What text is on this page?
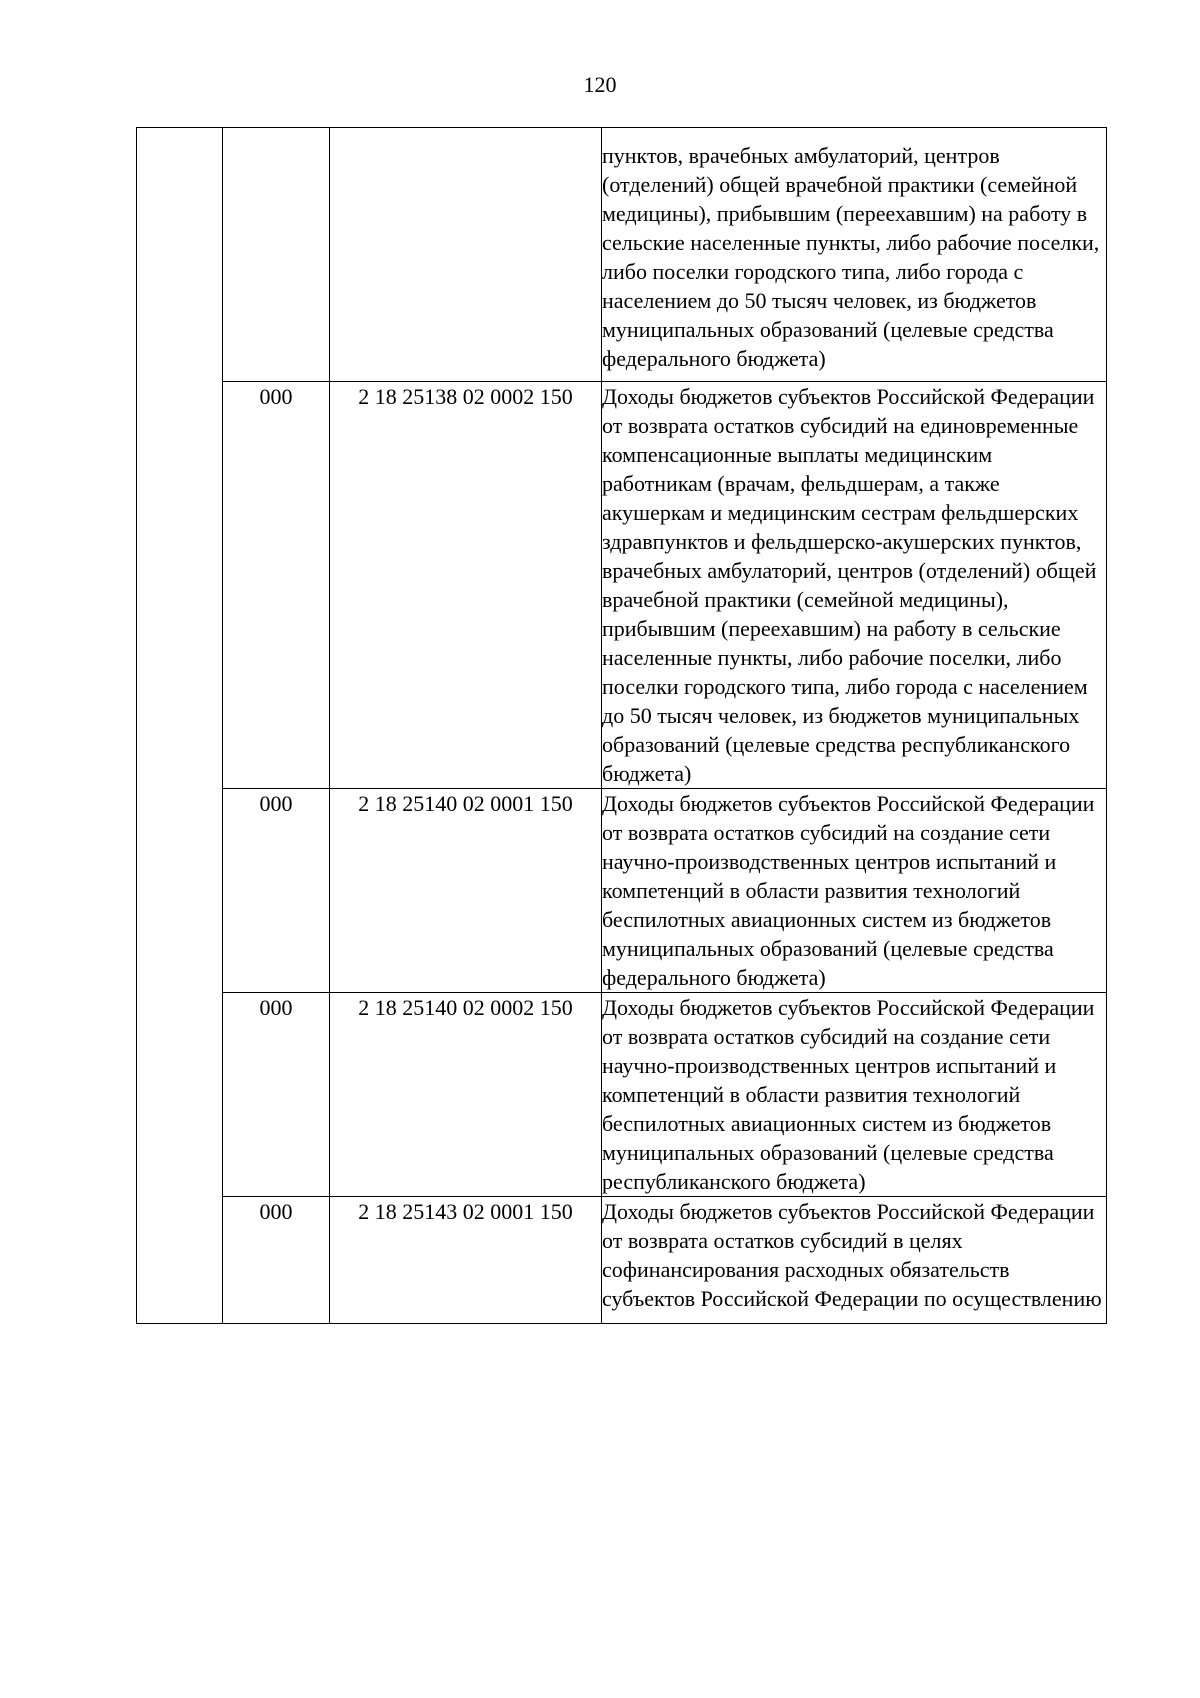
120
			пунктов, врачебных амбулаторий, центров (отделений) общей врачебной практики (семейной медицины), прибывшим (переехавшим) на работу в сельские населенные пункты, либо рабочие поселки, либо поселки городского типа, либо города с населением до 50 тысяч человек, из бюджетов муниципальных образований (целевые средства федерального бюджета)
	000	2 18 25138 02 0002 150	Доходы бюджетов субъектов Российской Федерации от возврата остатков субсидий на единовременные компенсационные выплаты медицинским работникам (врачам, фельдшерам, а также акушеркам и медицинским сестрам фельдшерских здравпунктов и фельдшерско-акушерских пунктов, врачебных амбулаторий, центров (отделений) общей врачебной практики (семейной медицины), прибывшим (переехавшим) на работу в сельские населенные пункты, либо рабочие поселки, либо поселки городского типа, либо города с населением до 50 тысяч человек, из бюджетов муниципальных образований (целевые средства республиканского бюджета)
	000	2 18 25140 02 0001 150	Доходы бюджетов субъектов Российской Федерации от возврата остатков субсидий на создание сети научно-производственных центров испытаний и компетенций в области развития технологий беспилотных авиационных систем из бюджетов муниципальных образований (целевые средства федерального бюджета)
	000	2 18 25140 02 0002 150	Доходы бюджетов субъектов Российской Федерации от возврата остатков субсидий на создание сети научно-производственных центров испытаний и компетенций в области развития технологий беспилотных авиационных систем из бюджетов муниципальных образований (целевые средства республиканского бюджета)
	000	2 18 25143 02 0001 150	Доходы бюджетов субъектов Российской Федерации от возврата остатков субсидий в целях софинансирования расходных обязательств субъектов Российской Федерации по осуществлению
